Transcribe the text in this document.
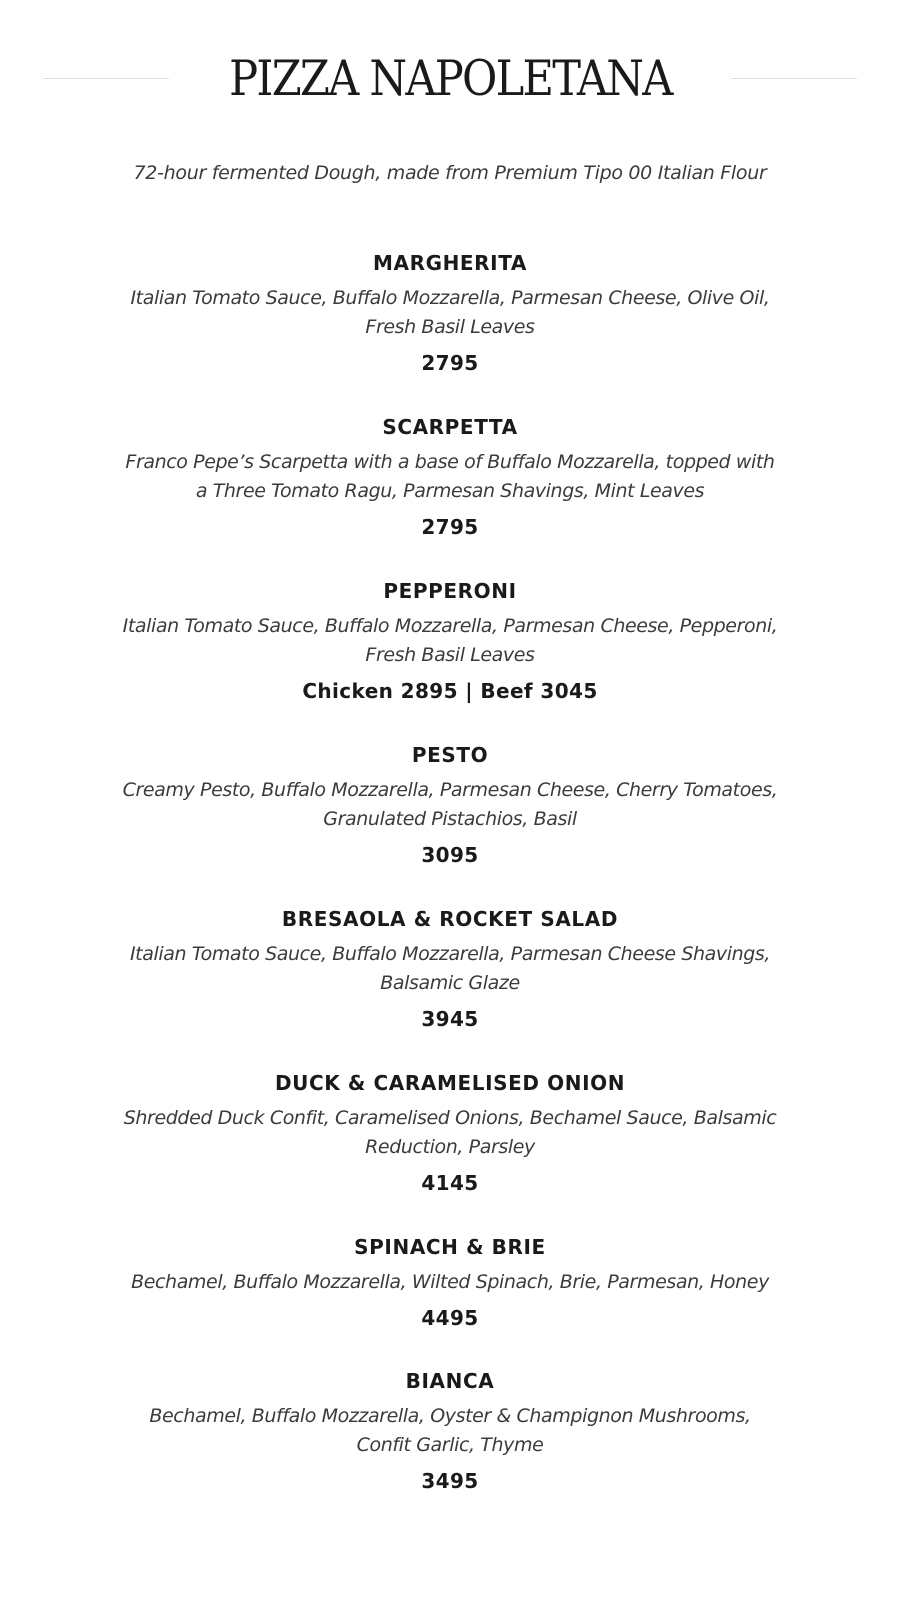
PIZZA NAPOLETANA
72-hour fermented Dough, made from Premium Tipo 00 Italian Flour
MARGHERITA
Italian Tomato Sauce, Buffalo Mozzarella, Parmesan Cheese, Olive Oil, Fresh Basil Leaves
2795
SCARPETTA
Franco Pepe’s Scarpetta with a base of Buffalo Mozzarella, topped with a Three Tomato Ragu, Parmesan Shavings, Mint Leaves
2795
PEPPERONI
Italian Tomato Sauce, Buffalo Mozzarella, Parmesan Cheese, Pepperoni, Fresh Basil Leaves
Chicken 2895 | Beef 3045
PESTO
Creamy Pesto, Buffalo Mozzarella, Parmesan Cheese, Cherry Tomatoes, Granulated Pistachios, Basil
3095
BRESAOLA & ROCKET SALAD
Italian Tomato Sauce, Buffalo Mozzarella, Parmesan Cheese Shavings, Balsamic Glaze
3945
DUCK & CARAMELISED ONION
Shredded Duck Confit, Caramelised Onions, Bechamel Sauce, Balsamic Reduction, Parsley
4145
SPINACH & BRIE
Bechamel, Buffalo Mozzarella, Wilted Spinach, Brie, Parmesan, Honey
4495
BIANCA
Bechamel, Buffalo Mozzarella, Oyster & Champignon Mushrooms, Confit Garlic, Thyme
3495
